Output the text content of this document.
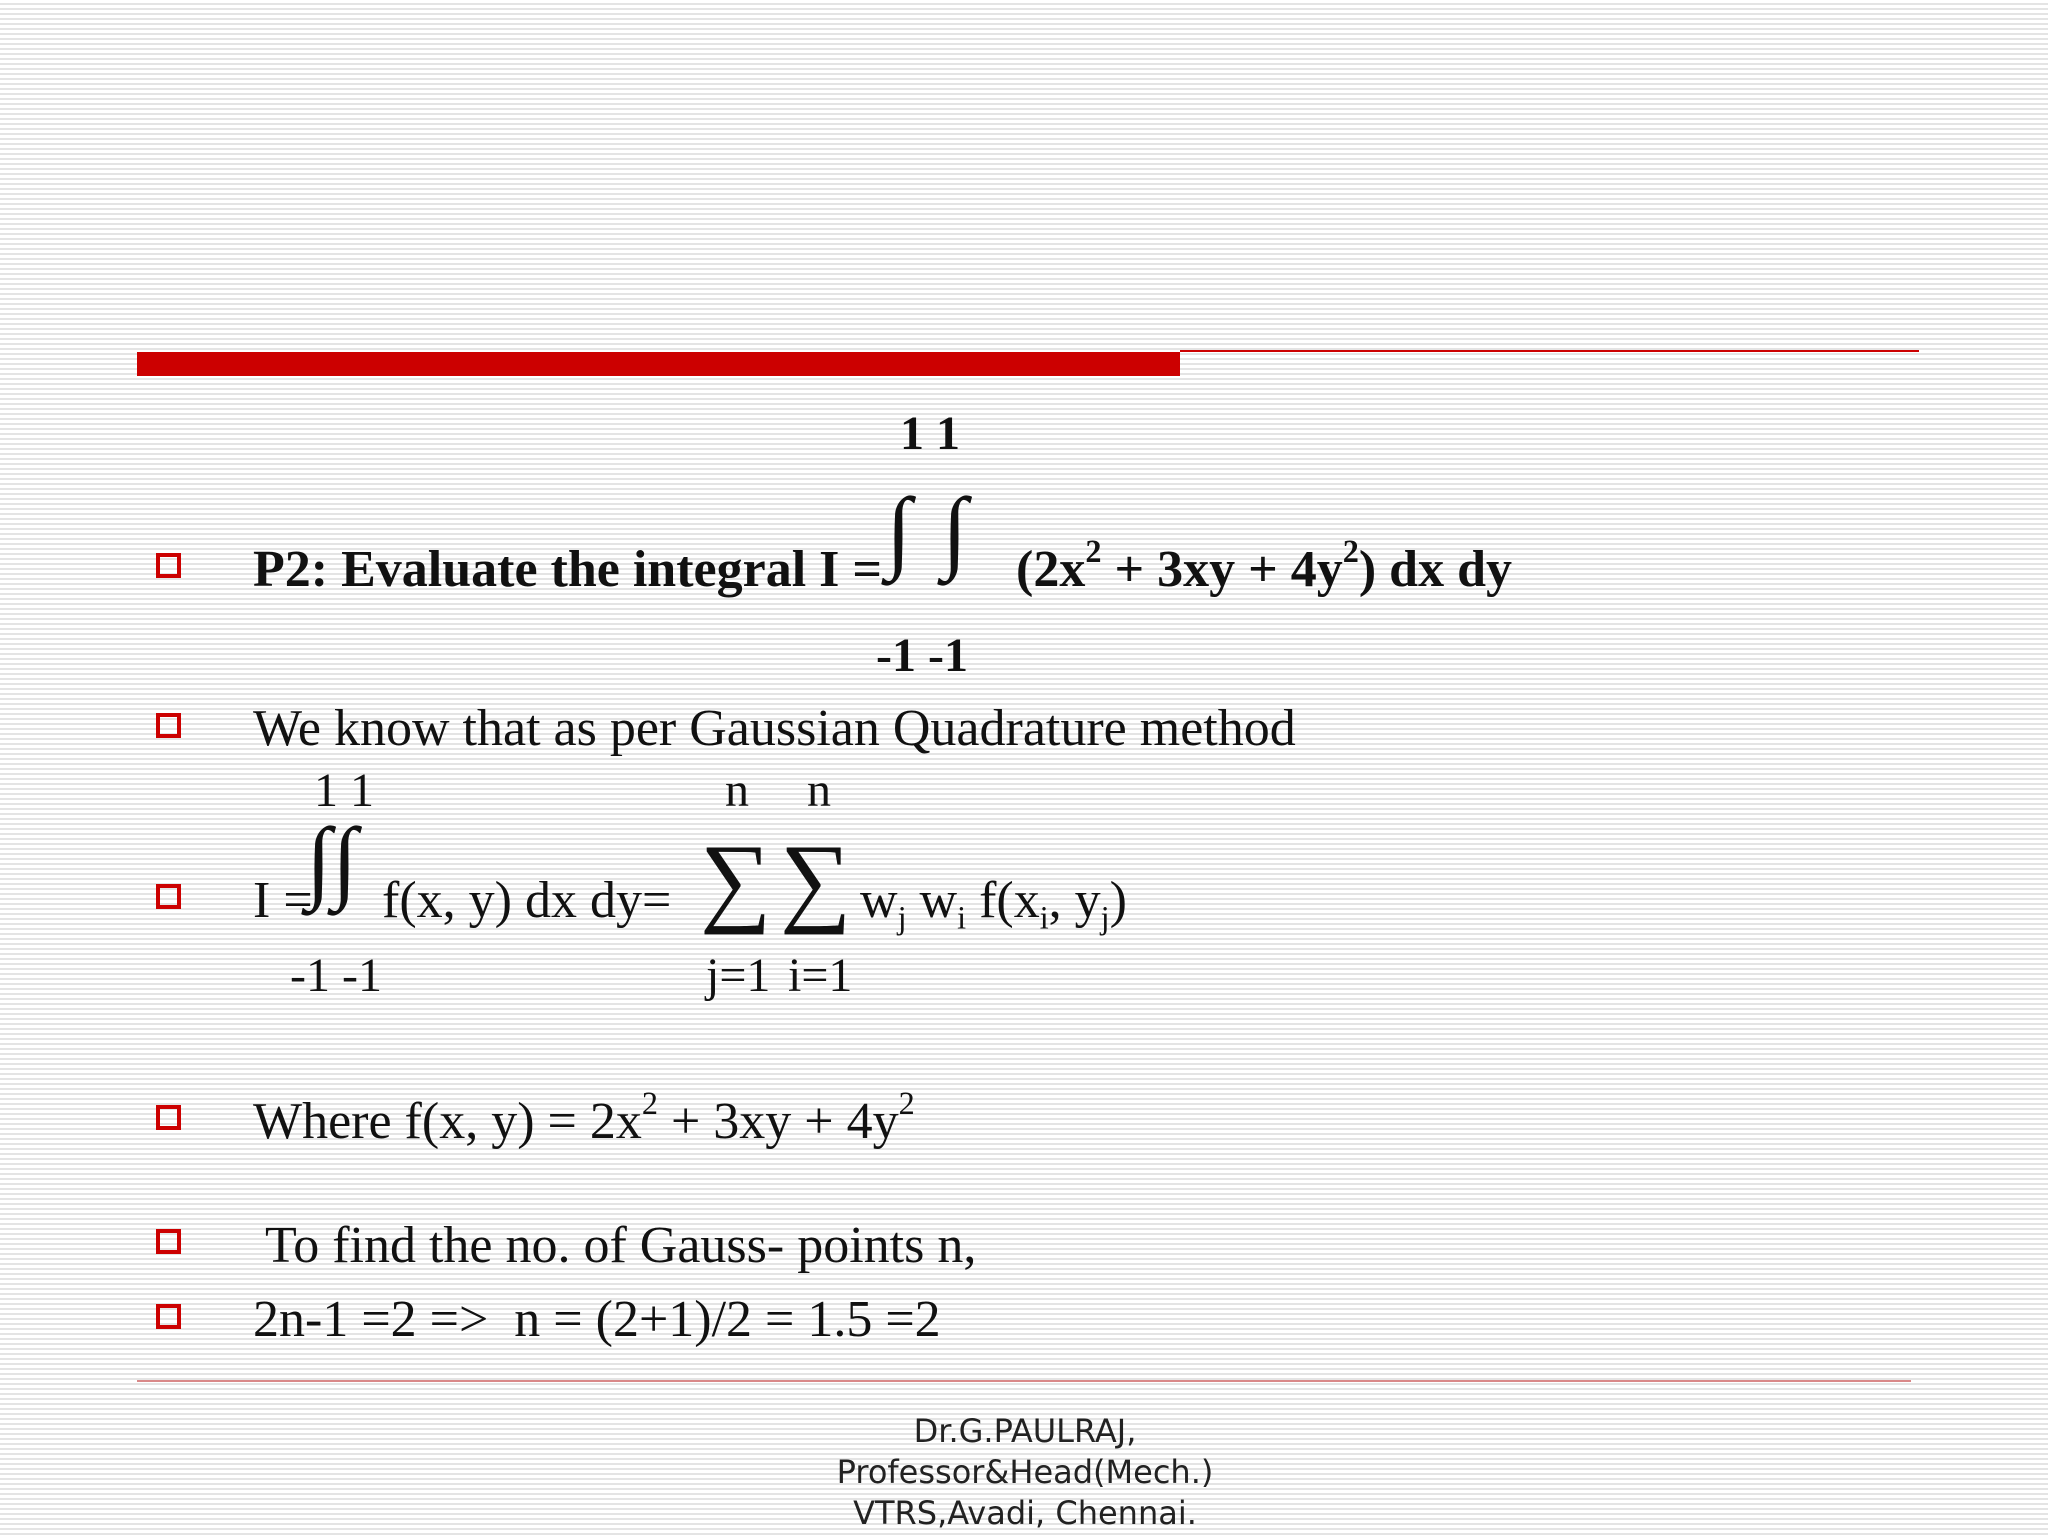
1 1
P2: Evaluate the integral I = ∫ ∫ $(2x^2 + 3xy + 4y^2)$ dx dy
-1 -1
We know that as per Gaussian Quadrature method
1 1	n n
I =
∫ ∫ f(x, y) dx dy= ∑ ∑ $w_j$ $w_i$ $f(x_i$, $y_j$)
-1 -1	j=1 i=1
Where f(x, $y) = 2x^2 + 3xy + 4y^2$
To find the no. of Gauss- points n,
2n-1 =2 =>  n = (2+1)/2 = 1.5 =2
Dr.G.PAULRAJ,
Professor&Head(Mech.)
VTRS,Avadi, Chennai.
